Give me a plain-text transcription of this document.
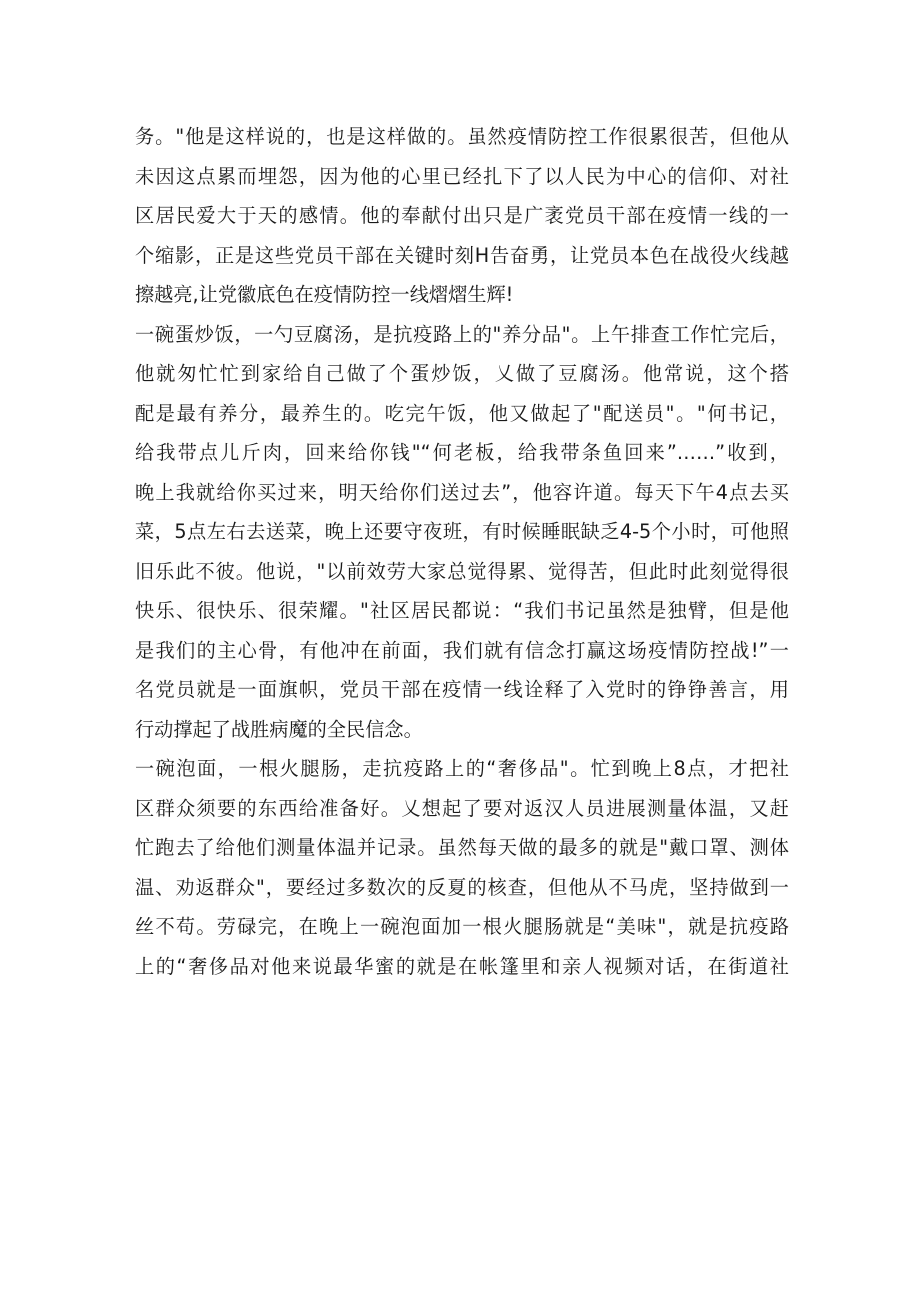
务。"他是这样说的，也是这样做的。虽然疫情防控工作很累很苦，但他从
未因这点累而埋怨，因为他的心里已经扎下了以人民为中心的信仰、对社
区居民爱大于天的感情。他的奉献付出只是广袤党员干部在疫情一线的一
个缩影，正是这些党员干部在关键时刻H告奋勇，让党员本色在战役火线越
擦越亮,让党徽底色在疫情防控一线熠熠生辉!
一碗蛋炒饭，一勺豆腐汤，是抗疫路上的"养分品"。上午排查工作忙完后，
他就匆忙忙到家给自己做了个蛋炒饭，乂做了豆腐汤。他常说，这个搭
配是最有养分，最养生的。吃完午饭，他又做起了"配送员"。"何书记，
给我带点儿斤肉，回来给你钱"“何老板，给我带条鱼回来”……”收到，
晚上我就给你买过来，明天给你们送过去”，他容许道。每天下午4点去买
菜，5点左右去送菜，晚上还要守夜班，有时候睡眠缺乏4-5个小时，可他照
旧乐此不彼。他说，"以前效劳大家总觉得累、觉得苦，但此时此刻觉得很
快乐、很快乐、很荣耀。"社区居民都说：“我们书记虽然是独臂，但是他
是我们的主心骨，有他冲在前面，我们就有信念打赢这场疫情防控战!”一
名党员就是一面旗帜，党员干部在疫情一线诠释了入党时的铮铮善言，用
行动撑起了战胜病魔的全民信念。
一碗泡面，一根火腿肠，走抗疫路上的“奢侈品"。忙到晚上8点，才把社
区群众须要的东西给准备好。乂想起了要对返汉人员进展测量体温，又赶
忙跑去了给他们测量体温并记录。虽然每天做的最多的就是"戴口罩、测体
温、劝返群众"，要经过多数次的反夏的核查，但他从不马虎，坚持做到一
丝不苟。劳碌完，在晚上一碗泡面加一根火腿肠就是“美味"，就是抗疫路
上的“奢侈品对他来说最华蜜的就是在帐篷里和亲人视频对话，在街道社
